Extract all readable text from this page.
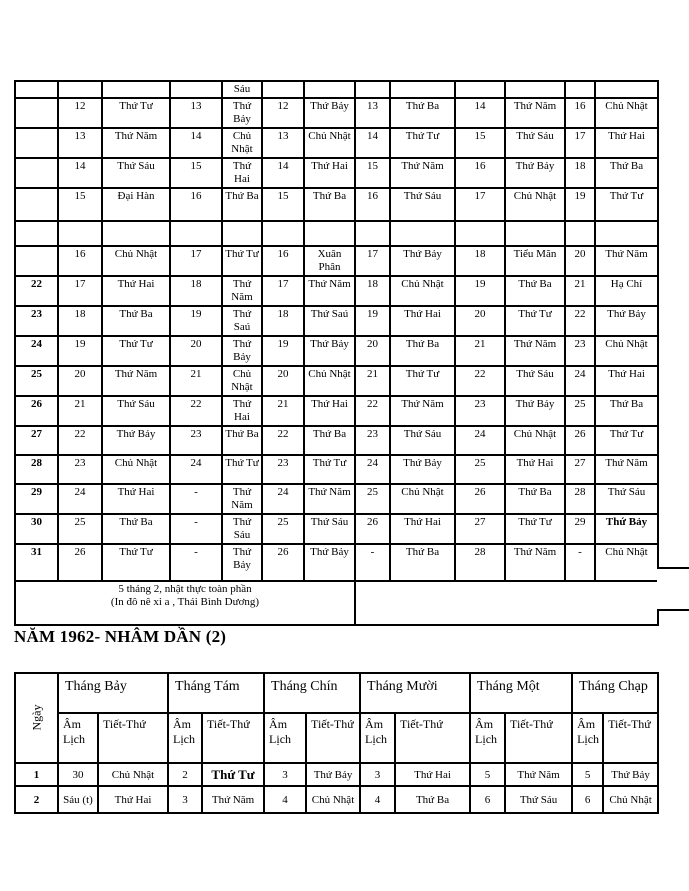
				Sáu								
	12	Thứ Tư	13	Thứ Bảy	12	Thứ Bảy	13	Thứ Ba	14	Thứ Năm	16	Chủ Nhật
	13	Thứ Năm	14	Chủ Nhật	13	Chủ Nhật	14	Thứ Tư	15	Thứ Sáu	17	Thứ Hai
	14	Thứ Sáu	15	Thứ Hai	14	Thứ Hai	15	Thứ Năm	16	Thứ Bảy	18	Thứ Ba
	15	Đại Hàn	16	Thứ Ba	15	Thứ Ba	16	Thứ Sáu	17	Chủ Nhật	19	Thứ Tư

	16	Chủ Nhật	17	Thứ Tư	16	Xuân Phân	17	Thứ Bảy	18	Tiểu Mãn	20	Thứ Năm
22	17	Thứ Hai	18	Thứ Năm	17	Thứ Năm	18	Chủ Nhật	19	Thứ Ba	21	Hạ Chí
23	18	Thứ Ba	19	Thứ Saú	18	Thứ Saú	19	Thứ Hai	20	Thứ Tư	22	Thứ Bảy
24	19	Thứ Tư	20	Thứ Bảy	19	Thứ Bảy	20	Thứ Ba	21	Thứ Năm	23	Chủ Nhật
25	20	Thứ Năm	21	Chủ Nhật	20	Chủ Nhật	21	Thứ Tư	22	Thứ Sáu	24	Thứ Hai
26	21	Thứ Sáu	22	Thứ Hai	21	Thứ Hai	22	Thứ Năm	23	Thứ Bảy	25	Thứ Ba
27	22	Thứ Bảy	23	Thứ Ba	22	Thứ Ba	23	Thứ Sáu	24	Chủ Nhật	26	Thứ Tư
28	23	Chủ Nhật	24	Thứ Tư	23	Thứ Tư	24	Thứ Bảy	25	Thứ Hai	27	Thứ Năm
29	24	Thứ Hai	-	Thứ Năm	24	Thứ Năm	25	Chủ Nhật	26	Thứ Ba	28	Thứ Sáu
30	25	Thứ Ba	-	Thứ Sáu	25	Thứ Sáu	26	Thứ Hai	27	Thứ Tư	29	Thứ Bảy
31	26	Thứ Tư	-	Thứ Bảy	26	Thứ Bảy	-	Thứ Ba	28	Thứ Năm	-	Chủ Nhật

5 tháng 2, nhật thực toàn phần
(In đô nê xi a , Thái Bình Dương)												

NĂM 1962- NHÂM DẦN (2)
Ngày	Tháng Bảy		Tháng Tám		Tháng Chín		Tháng Mười		Tháng Một		Tháng Chạp	
	Âm Lịch	Tiết-Thứ	Âm Lịch	Tiết-Thứ	Âm Lịch	Tiết-Thứ	Âm Lịch	Tiết-Thứ	Âm Lịch	Tiết-Thứ	Âm Lịch	Tiết-Thứ
1	30	Chủ Nhật	2	Thứ Tư	3	Thứ Bảy	3	Thứ Hai	5	Thứ Năm	5	Thứ Bảy
2	Sáu (t)	Thứ Hai	3	Thứ Năm	4	Chủ Nhật	4	Thứ Ba	6	Thứ Sáu	6	Chủ Nhật
